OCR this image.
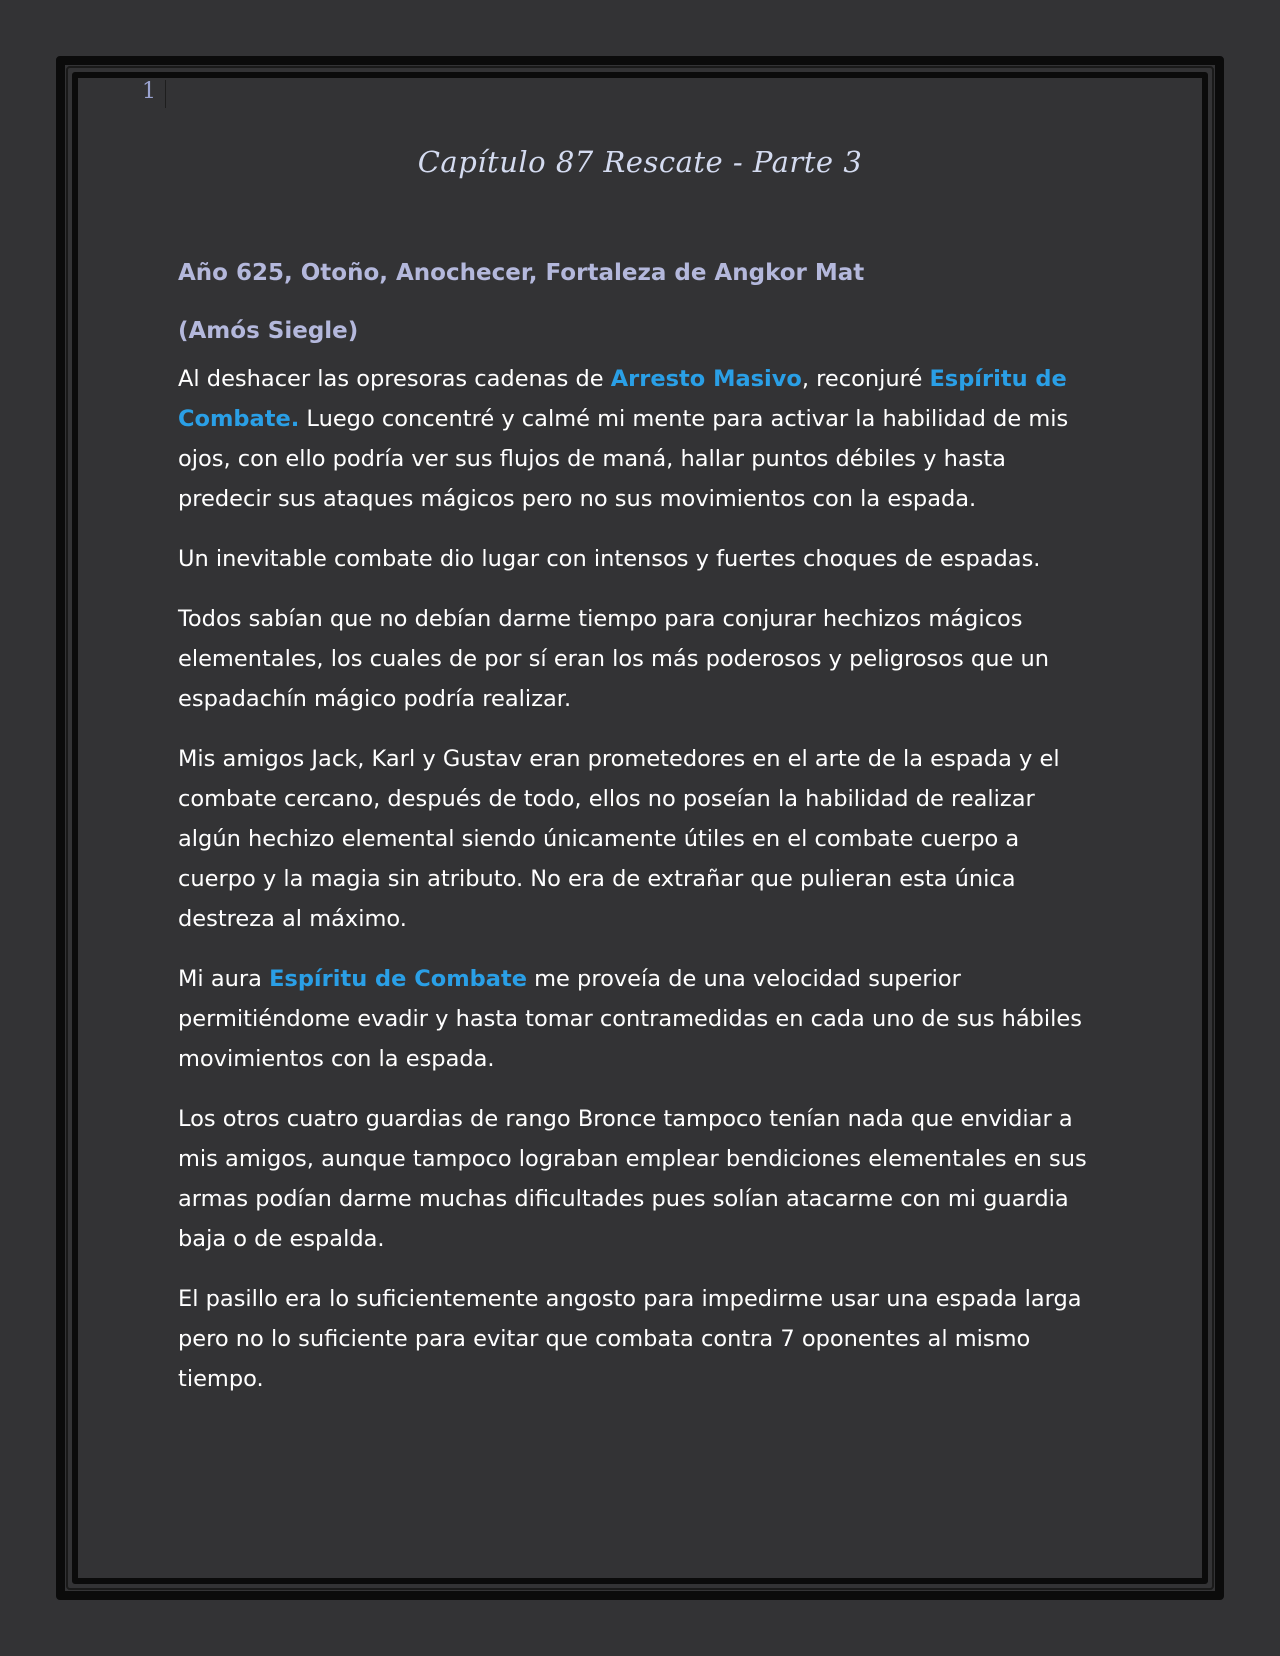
1
Capítulo 87 Rescate - Parte 3

Año 625, Otoño, Anochecer, Fortaleza de Angkor Mat

(Amós Siegle)

Al deshacer las opresoras cadenas de Arresto Masivo, reconjuré Espíritu de Combate. Luego concentré y calmé mi mente para activar la habilidad de mis ojos, con ello podría ver sus flujos de maná, hallar puntos débiles y hasta predecir sus ataques mágicos pero no sus movimientos con la espada.

Un inevitable combate dio lugar con intensos y fuertes choques de espadas.

Todos sabían que no debían darme tiempo para conjurar hechizos mágicos elementales, los cuales de por sí eran los más poderosos y peligrosos que un espadachín mágico podría realizar.

Mis amigos Jack, Karl y Gustav eran prometedores en el arte de la espada y el combate cercano, después de todo, ellos no poseían la habilidad de realizar algún hechizo elemental siendo únicamente útiles en el combate cuerpo a cuerpo y la magia sin atributo. No era de extrañar que pulieran esta única destreza al máximo.

Mi aura Espíritu de Combate me proveía de una velocidad superior permitiéndome evadir y hasta tomar contramedidas en cada uno de sus hábiles movimientos con la espada.

Los otros cuatro guardias de rango Bronce tampoco tenían nada que envidiar a mis amigos, aunque tampoco lograban emplear bendiciones elementales en sus armas podían darme muchas dificultades pues solían atacarme con mi guardia baja o de espalda.

El pasillo era lo suficientemente angosto para impedirme usar una espada larga pero no lo suficiente para evitar que combata contra 7 oponentes al mismo tiempo.
